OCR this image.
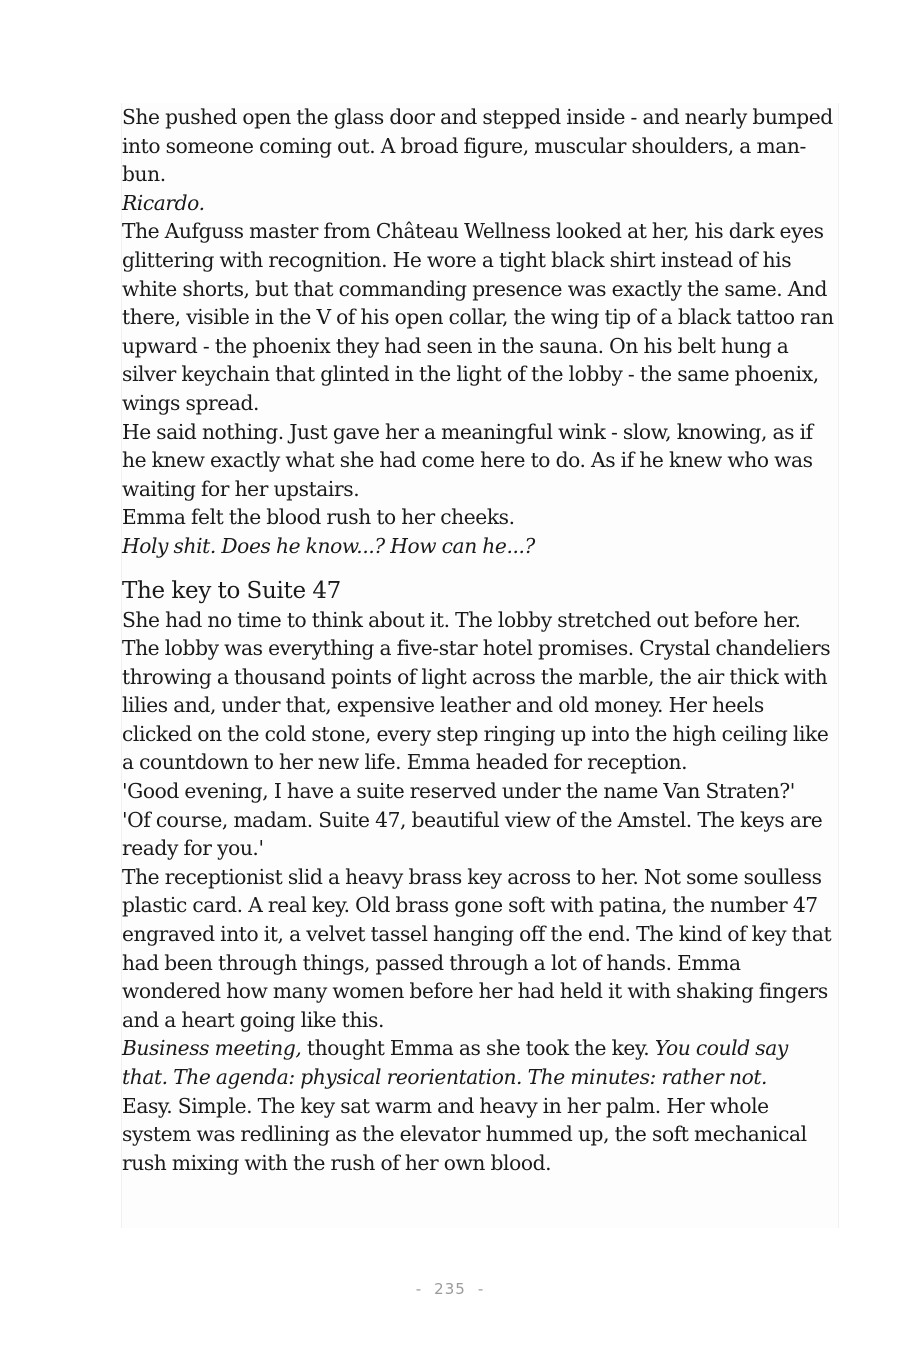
She pushed open the glass door and stepped inside - and nearly bumped into someone coming out. A broad figure, muscular shoulders, a man-bun.

Ricardo.

The Aufguss master from Château Wellness looked at her, his dark eyes glittering with recognition. He wore a tight black shirt instead of his white shorts, but that commanding presence was exactly the same. And there, visible in the V of his open collar, the wing tip of a black tattoo ran upward - the phoenix they had seen in the sauna. On his belt hung a silver keychain that glinted in the light of the lobby - the same phoenix, wings spread.

He said nothing. Just gave her a meaningful wink - slow, knowing, as if he knew exactly what she had come here to do. As if he knew who was waiting for her upstairs.

Emma felt the blood rush to her cheeks.

Holy shit. Does he know...? How can he...?

The key to Suite 47

She had no time to think about it. The lobby stretched out before her. The lobby was everything a five-star hotel promises. Crystal chandeliers throwing a thousand points of light across the marble, the air thick with lilies and, under that, expensive leather and old money. Her heels clicked on the cold stone, every step ringing up into the high ceiling like a countdown to her new life. Emma headed for reception.

'Good evening, I have a suite reserved under the name Van Straten?'

'Of course, madam. Suite 47, beautiful view of the Amstel. The keys are ready for you.'

The receptionist slid a heavy brass key across to her. Not some soulless plastic card. A real key. Old brass gone soft with patina, the number 47 engraved into it, a velvet tassel hanging off the end. The kind of key that had been through things, passed through a lot of hands. Emma wondered how many women before her had held it with shaking fingers and a heart going like this.

Business meeting, thought Emma as she took the key. You could say that. The agenda: physical reorientation. The minutes: rather not.

Easy. Simple. The key sat warm and heavy in her palm. Her whole system was redlining as the elevator hummed up, the soft mechanical rush mixing with the rush of her own blood.

- 235 -
